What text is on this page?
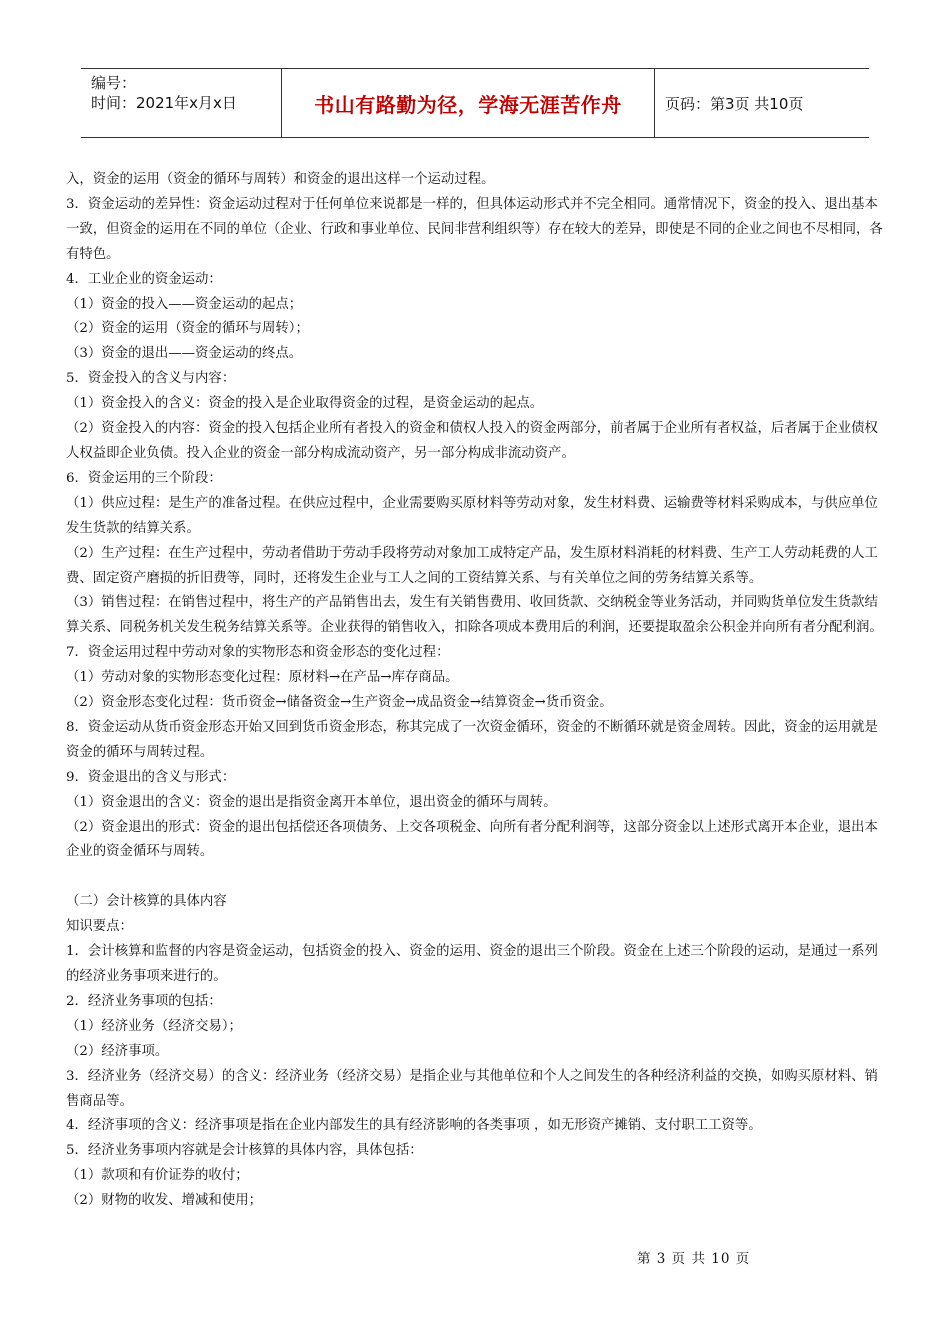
编号：
时间：2021年x月x日	书山有路勤为径，学海无涯苦作舟	页码：第3页 共10页

入，资金的运用（资金的循环与周转）和资金的退出这样一个运动过程。

3．资金运动的差异性：资金运动过程对于任何单位来说都是一样的，但具体运动形式并不完全相同。通常情况下，资金的投入、退出基本一致，但资金的运用在不同的单位（企业、行政和事业单位、民间非营利组织等）存在较大的差异，即使是不同的企业之间也不尽相同，各有特色。

4．工业企业的资金运动：

（1）资金的投入——资金运动的起点；

（2）资金的运用（资金的循环与周转）；

（3）资金的退出——资金运动的终点。

5．资金投入的含义与内容：

（1）资金投入的含义：资金的投入是企业取得资金的过程，是资金运动的起点。

（2）资金投入的内容：资金的投入包括企业所有者投入的资金和债权人投入的资金两部分，前者属于企业所有者权益，后者属于企业债权人权益即企业负债。投入企业的资金一部分构成流动资产，另一部分构成非流动资产。

6．资金运用的三个阶段：

（1）供应过程：是生产的准备过程。在供应过程中，企业需要购买原材料等劳动对象，发生材料费、运输费等材料采购成本，与供应单位发生货款的结算关系。

（2）生产过程：在生产过程中，劳动者借助于劳动手段将劳动对象加工成特定产品，发生原材料消耗的材料费、生产工人劳动耗费的人工费、固定资产磨损的折旧费等，同时，还将发生企业与工人之间的工资结算关系、与有关单位之间的劳务结算关系等。

（3）销售过程：在销售过程中，将生产的产品销售出去，发生有关销售费用、收回货款、交纳税金等业务活动，并同购货单位发生货款结算关系、同税务机关发生税务结算关系等。企业获得的销售收入，扣除各项成本费用后的利润，还要提取盈余公积金并向所有者分配利润。

7．资金运用过程中劳动对象的实物形态和资金形态的变化过程：

（1）劳动对象的实物形态变化过程：原材料→在产品→库存商品。

（2）资金形态变化过程：货币资金→储备资金→生产资金→成品资金→结算资金→货币资金。

8．资金运动从货币资金形态开始又回到货币资金形态，称其完成了一次资金循环，资金的不断循环就是资金周转。因此，资金的运用就是资金的循环与周转过程。

9．资金退出的含义与形式：

（1）资金退出的含义：资金的退出是指资金离开本单位，退出资金的循环与周转。

（2）资金退出的形式：资金的退出包括偿还各项债务、上交各项税金、向所有者分配利润等，这部分资金以上述形式离开本企业，退出本企业的资金循环与周转。

（二）会计核算的具体内容

知识要点：

1．会计核算和监督的内容是资金运动，包括资金的投入、资金的运用、资金的退出三个阶段。资金在上述三个阶段的运动，是通过一系列的经济业务事项来进行的。

2．经济业务事项的包括：

（1）经济业务（经济交易）；

（2）经济事项。

3．经济业务（经济交易）的含义：经济业务（经济交易）是指企业与其他单位和个人之间发生的各种经济利益的交换，如购买原材料、销售商品等。

4．经济事项的含义：经济事项是指在企业内部发生的具有经济影响的各类事项 ，如无形资产摊销、支付职工工资等。

5．经济业务事项内容就是会计核算的具体内容，具体包括：

（1）款项和有价证券的收付；

（2）财物的收发、增减和使用；

第 3 页 共 10 页
